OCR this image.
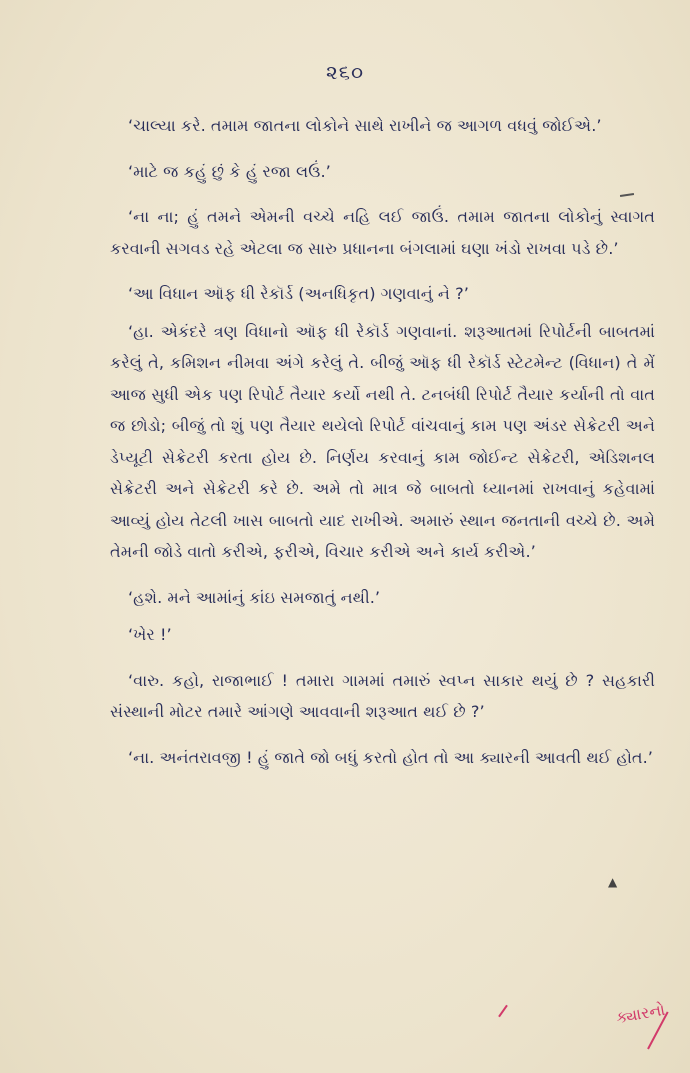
૨૬૦

‘ચાલ્યા કરે. તમામ જાતના લોકોને સાથે રાખીને જ આગળ વધવું જોઈએ.’

‘માટે જ કહું છું કે હું રજા લઉં.’

‘ના ના; હું તમને એમની વચ્ચે નહિ લઈ જાઉં. તમામ જાતના લોકોનું સ્વાગત કરવાની સગવડ રહે એટલા જ સારુ પ્રધાનના બંગલામાં ઘણા ખંડો રાખવા પડે છે.’

‘આ વિધાન ઑફ ધી રેકૉર્ડ (અનધિકૃત) ગણવાનું ને ?’

‘હા. એકંદરે ત્રણ વિધાનો ઑફ ધી રેકૉર્ડ ગણવાનાં. શરૂઆતમાં રિપોર્ટની બાબતમાં કરેલું તે, કમિશન નીમવા અંગે કરેલું તે. બીજું ઑફ ધી રેકૉર્ડ સ્ટેટમેન્ટ (વિધાન) તે મેં આજ સુધી એક પણ રિપોર્ટ તૈયાર કર્યો નથી તે. ટનબંધી રિપોર્ટ તૈયાર કર્યાની તો વાત જ છોડો; બીજું તો શું પણ તૈયાર થયેલો રિપોર્ટ વાંચવાનું કામ પણ અંડર સેક્રેટરી અને ડેપ્યૂટી સેક્રેટરી કરતા હોય છે. નિર્ણય કરવાનું કામ જોઈન્ટ સેક્રેટરી, એડિશનલ સેક્રેટરી અને સેક્રેટરી કરે છે. અમે તો માત્ર જે બાબતો ધ્યાનમાં રાખવાનું કહેવામાં આવ્યું હોય તેટલી ખાસ બાબતો યાદ રાખીએ. અમારું સ્થાન જનતાની વચ્ચે છે. અમે તેમની જોડે વાતો કરીએ, ફરીએ, વિચાર કરીએ અને કાર્ય કરીએ.’

‘હશે. મને આમાંનું કાંઇ સમજાતું નથી.’

‘ખેર !’

‘વારુ. કહો, રાજાભાઈ ! તમારા ગામમાં તમારું સ્વપ્ન સાકાર થયું છે ? સહકારી સંસ્થાની મોટર તમારે આંગણે આવવાની શરૂઆત થઈ છે ?’

‘ના. અનંતરાવજી ! હું જાતે જો બધું કરતો હોત તો આ ક્યારની આવતી થઈ હોત.’

▲
ક્યારનો
